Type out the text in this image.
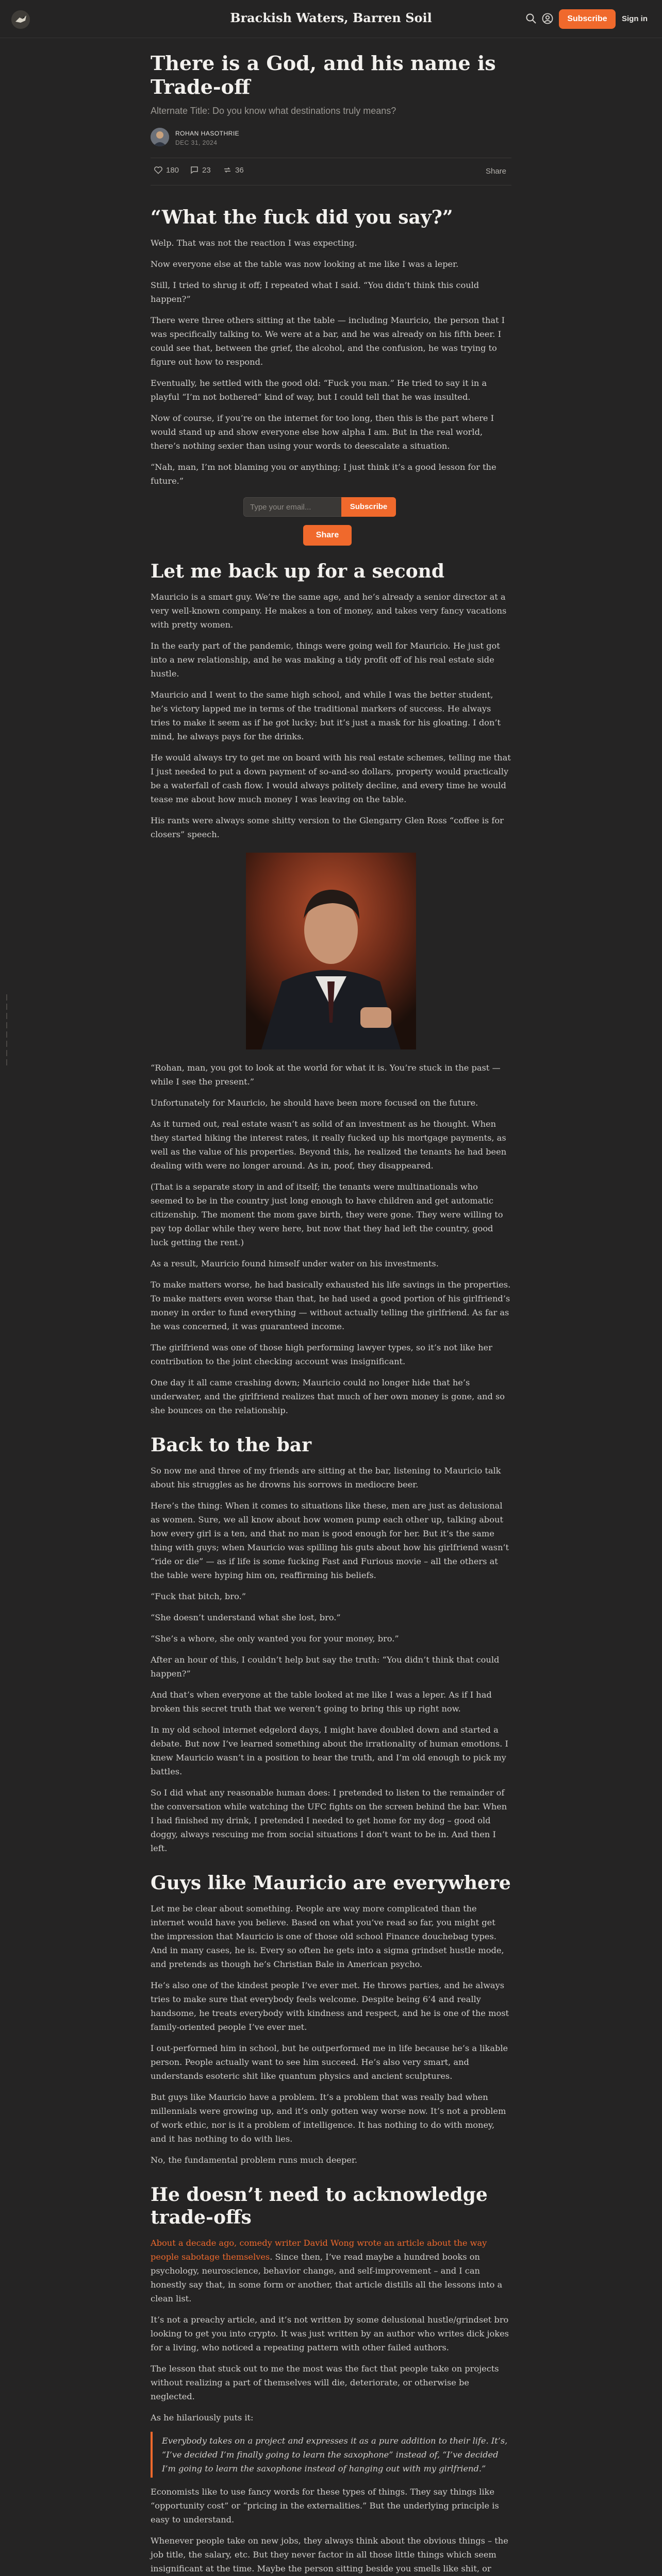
Brackish Waters, Barren Soil	Subscribe	Sign in
There is a God, and his name is Trade-off

Alternate Title: Do you know what destinations truly means?

ROHAN HASOTHRIE
DEC 31, 2024
180	23	36	Share
“What the fuck did you say?”

Welp. That was not the reaction I was expecting.

Now everyone else at the table was now looking at me like I was a leper.

Still, I tried to shrug it off; I repeated what I said. “You didn’t think this could happen?”

There were three others sitting at the table — including Mauricio, the person that I was specifically talking to. We were at a bar, and he was already on his fifth beer. I could see that, between the grief, the alcohol, and the confusion, he was trying to figure out how to respond.

Eventually, he settled with the good old: “Fuck you man.” He tried to say it in a playful “I’m not bothered” kind of way, but I could tell that he was insulted.

Now of course, if you’re on the internet for too long, then this is the part where I would stand up and show everyone else how alpha I am. But in the real world, there’s nothing sexier than using your words to deescalate a situation.

“Nah, man, I’m not blaming you or anything; I just think it’s a good lesson for the future.”

Type your email...
Subscribe
Share
Let me back up for a second

Mauricio is a smart guy. We’re the same age, and he’s already a senior director at a very well-known company. He makes a ton of money, and takes very fancy vacations with pretty women.

In the early part of the pandemic, things were going well for Mauricio. He just got into a new relationship, and he was making a tidy profit off of his real estate side hustle.

Mauricio and I went to the same high school, and while I was the better student, he’s victory lapped me in terms of the traditional markers of success. He always tries to make it seem as if he got lucky; but it’s just a mask for his gloating. I don’t mind, he always pays for the drinks.

He would always try to get me on board with his real estate schemes, telling me that I just needed to put a down payment of so-and-so dollars, property would practically be a waterfall of cash flow. I would always politely decline, and every time he would tease me about how much money I was leaving on the table.

His rants were always some shitty version to the Glengarry Glen Ross “coffee is for closers” speech.

“Rohan, man, you got to look at the world for what it is. You’re stuck in the past — while I see the present.”

Unfortunately for Mauricio, he should have been more focused on the future.

As it turned out, real estate wasn’t as solid of an investment as he thought. When they started hiking the interest rates, it really fucked up his mortgage payments, as well as the value of his properties. Beyond this, he realized the tenants he had been dealing with were no longer around. As in, poof, they disappeared.

(That is a separate story in and of itself; the tenants were multinationals who seemed to be in the country just long enough to have children and get automatic citizenship. The moment the mom gave birth, they were gone. They were willing to pay top dollar while they were here, but now that they had left the country, good luck getting the rent.)

As a result, Mauricio found himself under water on his investments.

To make matters worse, he had basically exhausted his life savings in the properties. To make matters even worse than that, he had used a good portion of his girlfriend’s money in order to fund everything — without actually telling the girlfriend. As far as he was concerned, it was guaranteed income.

The girlfriend was one of those high performing lawyer types, so it’s not like her contribution to the joint checking account was insignificant.

One day it all came crashing down; Mauricio could no longer hide that he’s underwater, and the girlfriend realizes that much of her own money is gone, and so she bounces on the relationship.

Back to the bar

So now me and three of my friends are sitting at the bar, listening to Mauricio talk about his struggles as he drowns his sorrows in mediocre beer.

Here’s the thing: When it comes to situations like these, men are just as delusional as women. Sure, we all know about how women pump each other up, talking about how every girl is a ten, and that no man is good enough for her. But it’s the same thing with guys; when Mauricio was spilling his guts about how his girlfriend wasn’t “ride or die” — as if life is some fucking Fast and Furious movie – all the others at the table were hyping him on, reaffirming his beliefs.

“Fuck that bitch, bro.”

“She doesn’t understand what she lost, bro.”

“She’s a whore, she only wanted you for your money, bro.”

After an hour of this, I couldn’t help but say the truth: “You didn’t think that could happen?”

And that’s when everyone at the table looked at me like I was a leper. As if I had broken this secret truth that we weren’t going to bring this up right now.

In my old school internet edgelord days, I might have doubled down and started a debate. But now I’ve learned something about the irrationality of human emotions. I knew Mauricio wasn’t in a position to hear the truth, and I’m old enough to pick my battles.

So I did what any reasonable human does: I pretended to listen to the remainder of the conversation while watching the UFC fights on the screen behind the bar. When I had finished my drink, I pretended I needed to get home for my dog – good old doggy, always rescuing me from social situations I don’t want to be in. And then I left.

Guys like Mauricio are everywhere

Let me be clear about something. People are way more complicated than the internet would have you believe. Based on what you’ve read so far, you might get the impression that Mauricio is one of those old school Finance douchebag types. And in many cases, he is. Every so often he gets into a sigma grindset hustle mode, and pretends as though he’s Christian Bale in American psycho.

He’s also one of the kindest people I’ve ever met. He throws parties, and he always tries to make sure that everybody feels welcome. Despite being 6’4 and really handsome, he treats everybody with kindness and respect, and he is one of the most family-oriented people I’ve ever met.

I out-performed him in school, but he outperformed me in life because he’s a likable person. People actually want to see him succeed. He’s also very smart, and understands esoteric shit like quantum physics and ancient sculptures.

But guys like Mauricio have a problem. It’s a problem that was really bad when millennials were growing up, and it’s only gotten way worse now. It’s not a problem of work ethic, nor is it a problem of intelligence. It has nothing to do with money, and it has nothing to do with lies.

No, the fundamental problem runs much deeper.

He doesn’t need to acknowledge trade-offs

About a decade ago, comedy writer David Wong wrote an article about the way people sabotage themselves. Since then, I’ve read maybe a hundred books on psychology, neuroscience, behavior change, and self-improvement – and I can honestly say that, in some form or another, that article distills all the lessons into a clean list.

It’s not a preachy article, and it’s not written by some delusional hustle/grindset bro looking to get you into crypto. It was just written by an author who writes dick jokes for a living, who noticed a repeating pattern with other failed authors.

The lesson that stuck out to me the most was the fact that people take on projects without realizing a part of themselves will die, deteriorate, or otherwise be neglected.

As he hilariously puts it:

Everybody takes on a project and expresses it as a pure addition to their life. It’s, “I’ve decided I’m finally going to learn the saxophone” instead of, “I’ve decided I’m going to learn the saxophone instead of hanging out with my girlfriend.”

Economists like to use fancy words for these types of things. They say things like “opportunity cost” or “pricing in the externalities.” But the underlying principle is easy to understand.

Whenever people take on new jobs, they always think about the obvious things – the job title, the salary, etc. But they never factor in all those little things which seem insignificant at the time. Maybe the person sitting beside you smells like shit, or
